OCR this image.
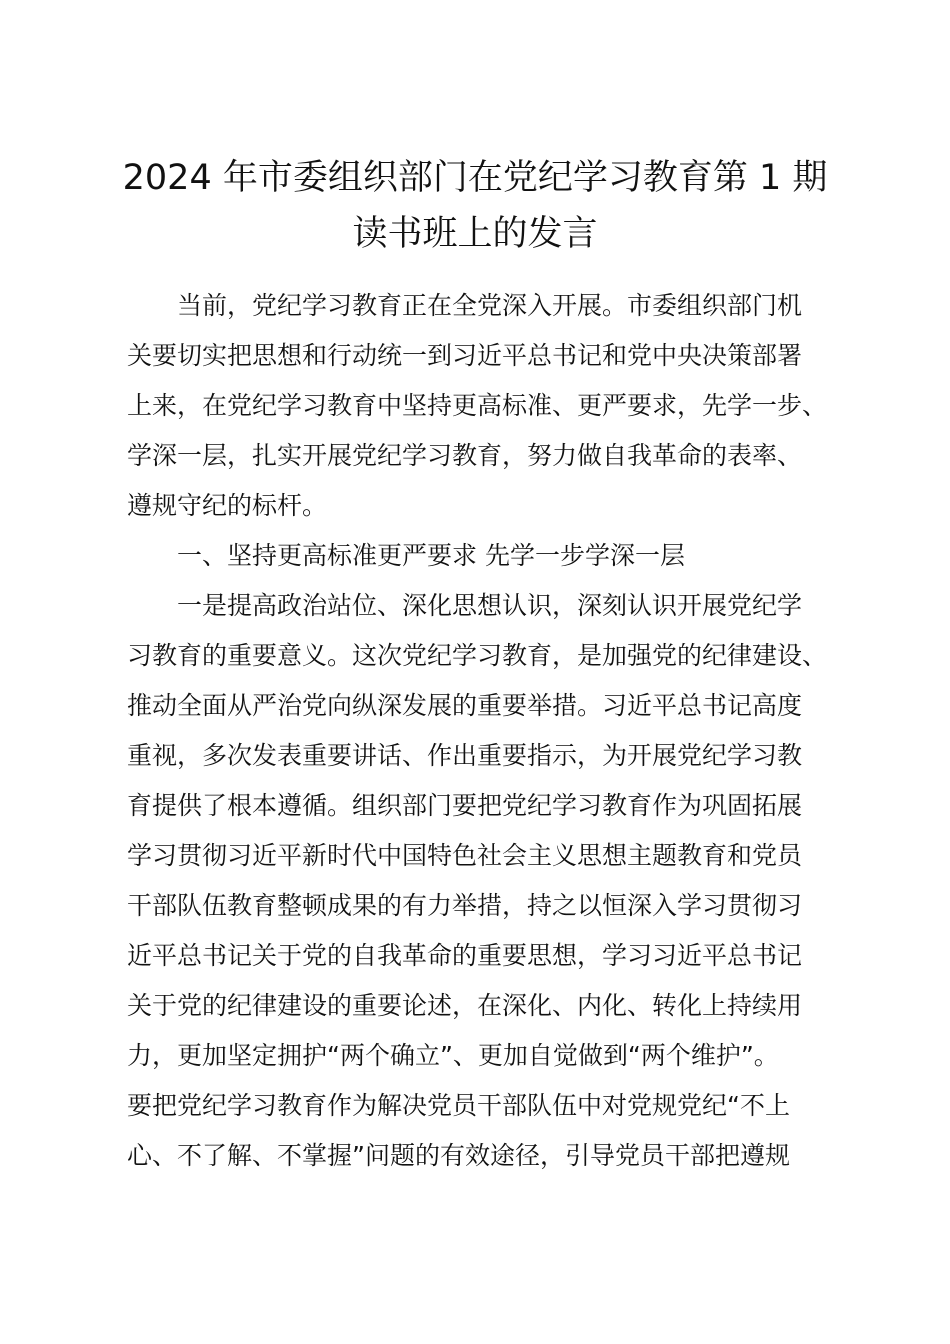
2024 年市委组织部门在党纪学习教育第 1 期
读书班上的发言

当前，党纪学习教育正在全党深入开展。市委组织部门机

关要切实把思想和行动统一到习近平总书记和党中央决策部署

上来，在党纪学习教育中坚持更高标准、更严要求，先学一步、

学深一层，扎实开展党纪学习教育，努力做自我革命的表率、

遵规守纪的标杆。

一、坚持更高标准更严要求 先学一步学深一层

一是提高政治站位、深化思想认识，深刻认识开展党纪学

习教育的重要意义。这次党纪学习教育，是加强党的纪律建设、

推动全面从严治党向纵深发展的重要举措。习近平总书记高度

重视，多次发表重要讲话、作出重要指示，为开展党纪学习教

育提供了根本遵循。组织部门要把党纪学习教育作为巩固拓展

学习贯彻习近平新时代中国特色社会主义思想主题教育和党员

干部队伍教育整顿成果的有力举措，持之以恒深入学习贯彻习

近平总书记关于党的自我革命的重要思想，学习习近平总书记

关于党的纪律建设的重要论述，在深化、内化、转化上持续用

力，更加坚定拥护“两个确立”、更加自觉做到“两个维护”。

要把党纪学习教育作为解决党员干部队伍中对党规党纪“不上

心、不了解、不掌握”问题的有效途径，引导党员干部把遵规
